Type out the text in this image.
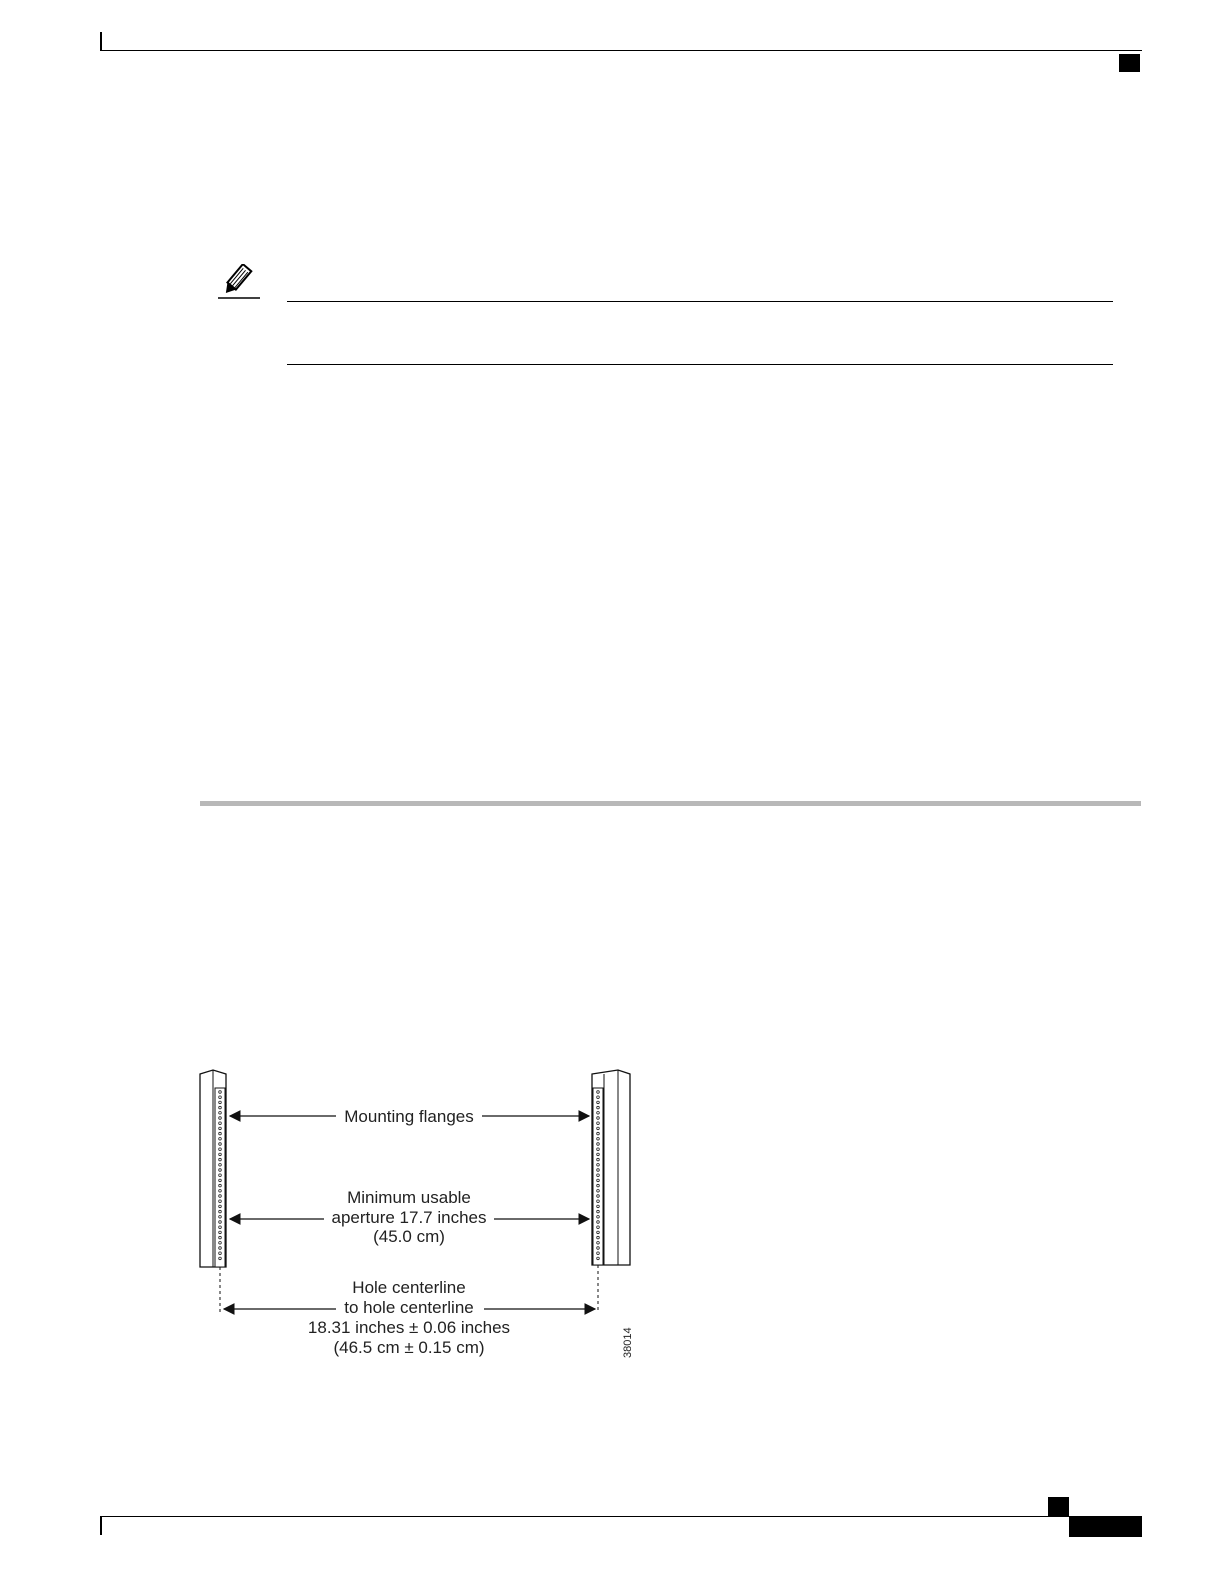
Mounting flanges
Minimum usable
aperture 17.7 inches
(45.0 cm)
Hole centerline
to hole centerline
18.31 inches ± 0.06 inches
(46.5 cm ± 0.15 cm)	38014
